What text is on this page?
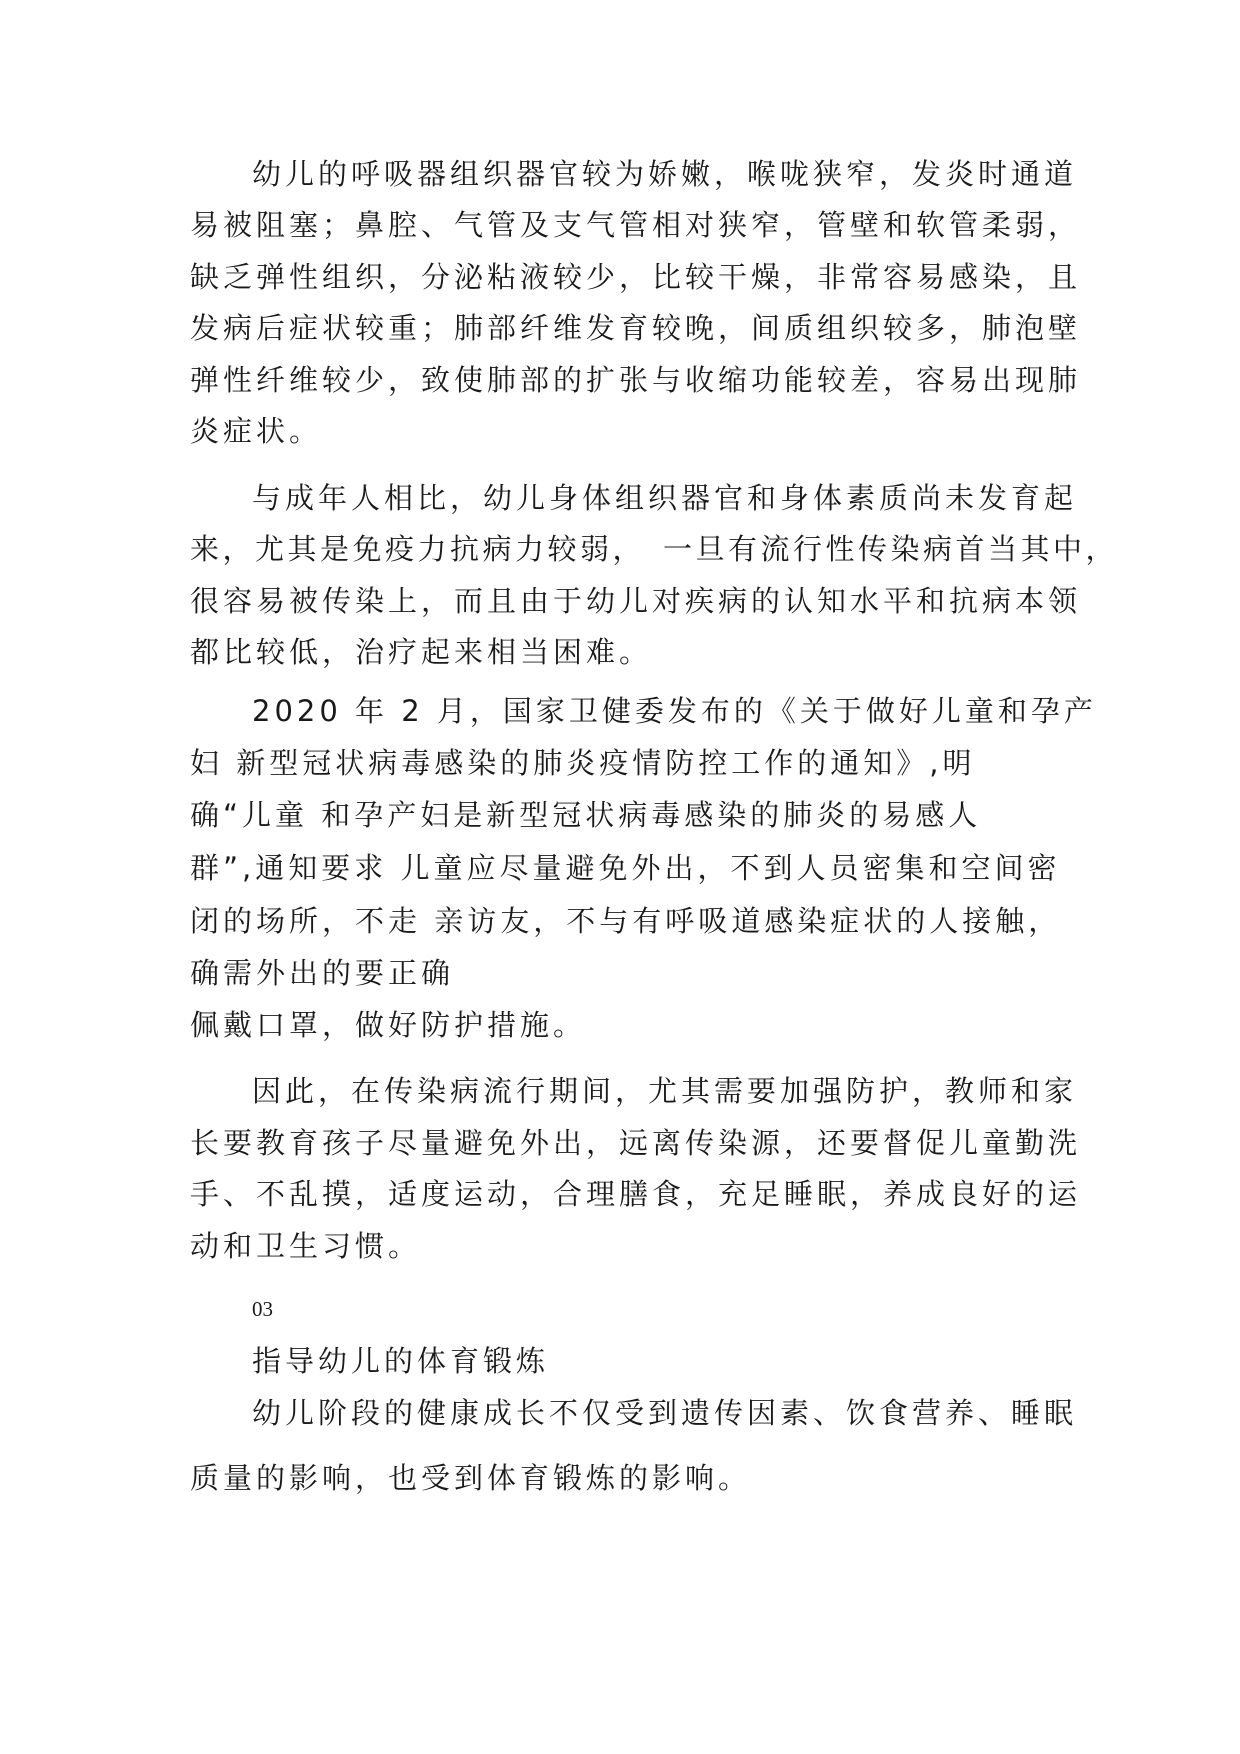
幼儿的呼吸器组织器官较为娇嫩，喉咙狭窄，发炎时通道
易被阻塞；鼻腔、气管及支气管相对狭窄，管壁和软管柔弱，
缺乏弹性组织，分泌粘液较少，比较干燥，非常容易感染，且
发病后症状较重；肺部纤维发育较晚，间质组织较多，肺泡壁
弹性纤维较少，致使肺部的扩张与收缩功能较差，容易出现肺
炎症状。
与成年人相比，幼儿身体组织器官和身体素质尚未发育起
来，尤其是免疫力抗病力较弱，　一旦有流行性传染病首当其中，
很容易被传染上，而且由于幼儿对疾病的认知水平和抗病本领
都比较低，治疗起来相当困难。
2020 年 2 月，国家卫健委发布的《关于做好儿童和孕产
妇 新型冠状病毒感染的肺炎疫情防控工作的通知》,明
确“儿童 和孕产妇是新型冠状病毒感染的肺炎的易感人
群”,通知要求 儿童应尽量避免外出，不到人员密集和空间密
闭的场所，不走 亲访友，不与有呼吸道感染症状的人接触，
确需外出的要正确
佩戴口罩，做好防护措施。
因此，在传染病流行期间，尤其需要加强防护，教师和家
长要教育孩子尽量避免外出，远离传染源，还要督促儿童勤洗
手、不乱摸，适度运动，合理膳食，充足睡眠，养成良好的运
动和卫生习惯。
03
指导幼儿的体育锻炼
幼儿阶段的健康成长不仅受到遗传因素、饮食营养、睡眠
质量的影响，也受到体育锻炼的影响。
